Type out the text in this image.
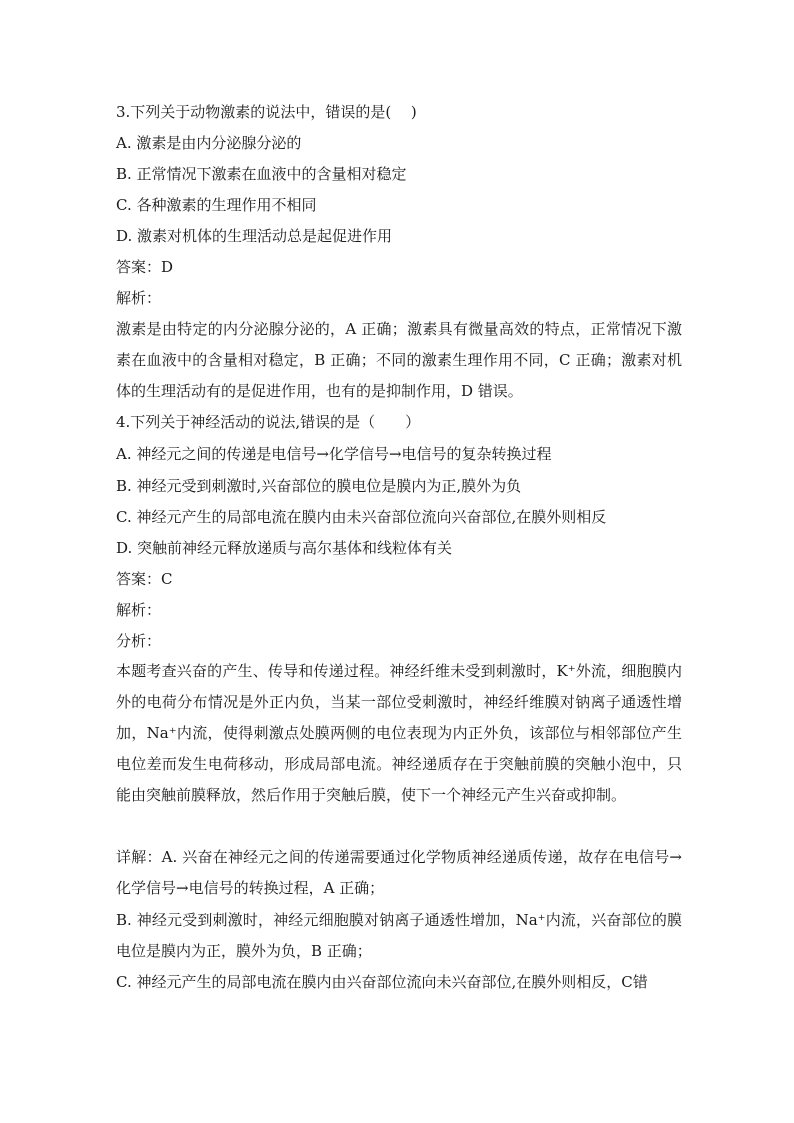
3.下列关于动物激素的说法中，错误的是(　 )
A. 激素是由内分泌腺分泌的
B. 正常情况下激素在血液中的含量相对稳定
C. 各种激素的生理作用不相同
D. 激素对机体的生理活动总是起促进作用
答案：D
解析：
激素是由特定的内分泌腺分泌的，A 正确；激素具有微量高效的特点，正常情况下激素在血液中的含量相对稳定，B 正确；不同的激素生理作用不同，C 正确；激素对机体的生理活动有的是促进作用，也有的是抑制作用，D 错误。
4.下列关于神经活动的说法,错误的是（　　）
A. 神经元之间的传递是电信号→化学信号→电信号的复杂转换过程
B. 神经元受到刺激时,兴奋部位的膜电位是膜内为正,膜外为负
C. 神经元产生的局部电流在膜内由未兴奋部位流向兴奋部位,在膜外则相反
D. 突触前神经元释放递质与高尔基体和线粒体有关
答案：C
解析：
分析：
本题考查兴奋的产生、传导和传递过程。神经纤维未受到刺激时，K⁺外流，细胞膜内外的电荷分布情况是外正内负，当某一部位受刺激时，神经纤维膜对钠离子通透性增加，Na⁺内流，使得刺激点处膜两侧的电位表现为内正外负，该部位与相邻部位产生电位差而发生电荷移动，形成局部电流。神经递质存在于突触前膜的突触小泡中，只能由突触前膜释放，然后作用于突触后膜，使下一个神经元产生兴奋或抑制。
详解：A. 兴奋在神经元之间的传递需要通过化学物质神经递质传递，故存在电信号→化学信号→电信号的转换过程，A 正确；
B. 神经元受到刺激时，神经元细胞膜对钠离子通透性增加，Na⁺内流，兴奋部位的膜电位是膜内为正，膜外为负，B 正确；
C. 神经元产生的局部电流在膜内由兴奋部位流向未兴奋部位,在膜外则相反，C错
